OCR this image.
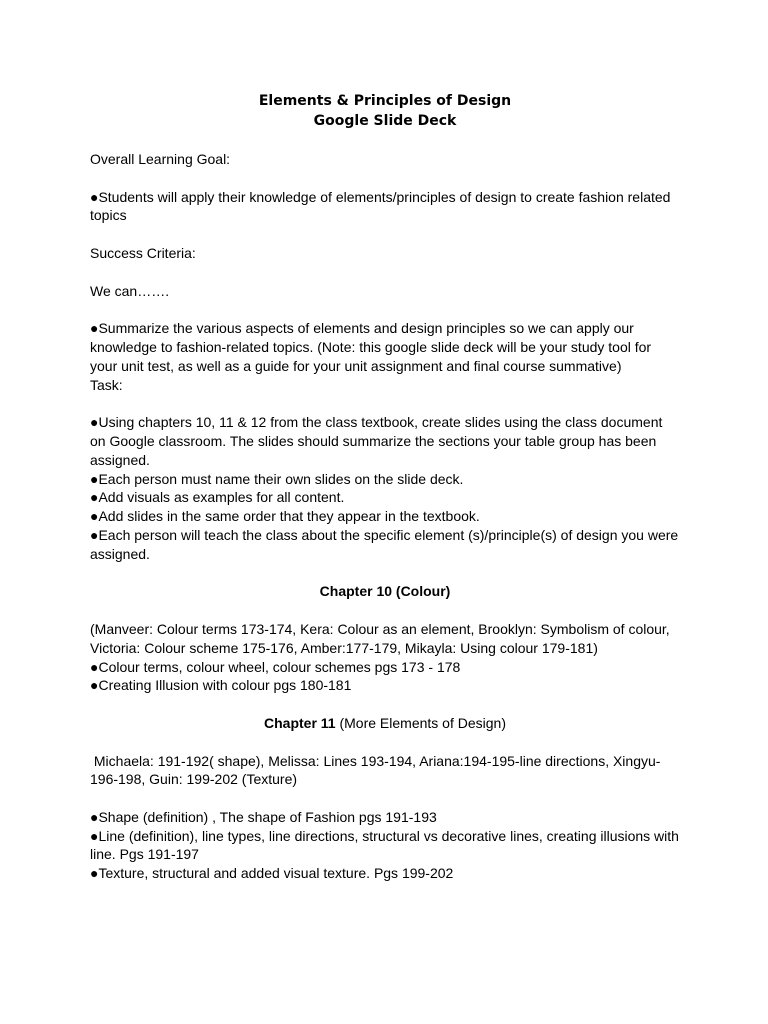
Elements & Principles of Design

Google Slide Deck

Overall Learning Goal:

●Students will apply their knowledge of elements/principles of design to create fashion related topics

Success Criteria:

We can…….

●Summarize the various aspects of elements and design principles so we can apply our knowledge to fashion-related topics. (Note: this google slide deck will be your study tool for your unit test, as well as a guide for your unit assignment and final course summative)

Task:

●Using chapters 10, 11 & 12 from the class textbook, create slides using the class document on Google classroom. The slides should summarize the sections your table group has been assigned.

●Each person must name their own slides on the slide deck.

●Add visuals as examples for all content.

●Add slides in the same order that they appear in the textbook.

●Each person will teach the class about the specific element (s)/principle(s) of design you were assigned.

Chapter 10 (Colour)

(Manveer: Colour terms 173-174, Kera: Colour as an element, Brooklyn: Symbolism of colour, Victoria: Colour scheme 175-176, Amber:177-179, Mikayla: Using colour 179-181)

●Colour terms, colour wheel, colour schemes pgs 173 - 178

●Creating Illusion with colour pgs 180-181

Chapter 11 (More Elements of Design)

Michaela: 191-192( shape), Melissa: Lines 193-194, Ariana:194-195-line directions, Xingyu-196-198, Guin: 199-202 (Texture)

●Shape (definition) , The shape of Fashion pgs 191-193

●Line (definition), line types, line directions, structural vs decorative lines, creating illusions with line. Pgs 191-197

●Texture, structural and added visual texture. Pgs 199-202
